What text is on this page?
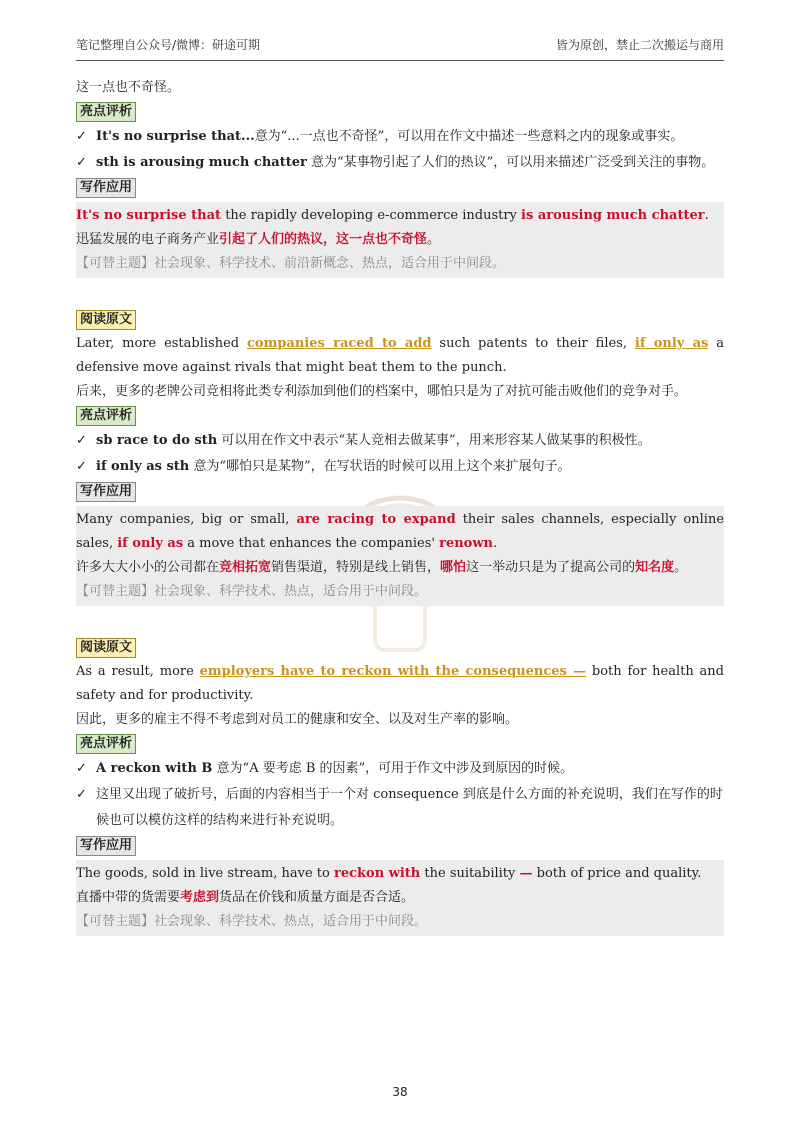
笔记整理自公众号/微博：研途可期	皆为原创，禁止二次搬运与商用
这一点也不奇怪。
亮点评析
✓ It's no surprise that...意为“...一点也不奇怪”，可以用在作文中描述一些意料之内的现象或事实。
✓ sth is arousing much chatter 意为“某事物引起了人们的热议”，可以用来描述广泛受到关注的事物。
写作应用
It's no surprise that the rapidly developing e-commerce industry is arousing much chatter.
迅猛发展的电子商务产业引起了人们的热议，这一点也不奇怪。
【可替主题】社会现象、科学技术、前沿新概念、热点，适合用于中间段。
阅读原文
Later, more established companies raced to add such patents to their files, if only as a defensive move against rivals that might beat them to the punch.
后来，更多的老牌公司竞相将此类专利添加到他们的档案中，哪怕只是为了对抗可能击败他们的竞争对手。
亮点评析
✓ sb race to do sth 可以用在作文中表示“某人竞相去做某事”，用来形容某人做某事的积极性。
✓ if only as sth 意为“哪怕只是某物”，在写状语的时候可以用上这个来扩展句子。
写作应用
Many companies, big or small, are racing to expand their sales channels, especially online sales, if only as a move that enhances the companies' renown.
许多大大小小的公司都在竞相拓宽销售渠道，特别是线上销售，哪怕这一举动只是为了提高公司的知名度。
【可替主题】社会现象、科学技术、热点，适合用于中间段。
阅读原文
As a result, more employers have to reckon with the consequences — both for health and safety and for productivity.
因此，更多的雇主不得不考虑到对员工的健康和安全、以及对生产率的影响。
亮点评析
✓ A reckon with B 意为“A 要考虑 B 的因素”，可用于作文中涉及到原因的时候。
✓ 这里又出现了破折号，后面的内容相当于一个对 consequence 到底是什么方面的补充说明，我们在写作的时候也可以模仿这样的结构来进行补充说明。
写作应用
The goods, sold in live stream, have to reckon with the suitability — both of price and quality.
直播中带的货需要考虑到货品在价钱和质量方面是否合适。
【可替主题】社会现象、科学技术、热点，适合用于中间段。
38
